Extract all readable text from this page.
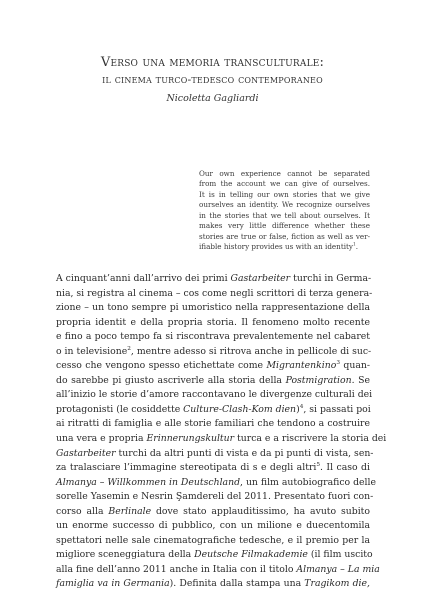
Verso una memoria transculturale:
il cinema turco-tedesco contemporaneo
Nicoletta Gagliardi
Our own experience cannot be separated
from the account we can give of ourselves.
It is in telling our own stories that we give
ourselves an identity. We recognize ourselves
in the stories that we tell about ourselves. It
makes very little difference whether these
stories are true or false, fiction as well as ver-
ifiable history provides us with an identity$^1$.
A cinquant’anni dall’arrivo dei primi Gastarbeiter turchi in Germa-
nia, si registra al cinema – cos come negli scrittori di terza genera-
zione – un tono sempre pi umoristico nella rappresentazione della
propria identit e della propria storia. Il fenomeno molto recente
e fino a poco tempo fa si riscontrava prevalentemente nel cabaret
o in televisione$^2$, mentre adesso si ritrova anche in pellicole di suc-
cesso che vengono spesso etichettate come Migrantenkino$^3$ quan-
do sarebbe pi giusto ascriverle alla storia della Postmigration. Se
all’inizio le storie d’amore raccontavano le divergenze culturali dei
protagonisti (le cosiddette Culture-Clash-Kom dien)$^4$, si passati poi
ai ritratti di famiglia e alle storie familiari che tendono a costruire
una vera e propria Erinnerungskultur turca e a riscrivere la storia dei
Gastarbeiter turchi da altri punti di vista e da pi punti di vista, sen-
za tralasciare l’immagine stereotipata di s e degli altri$^5$. Il caso di
Almanya – Willkommen in Deutschland, un film autobiografico delle
sorelle Yasemin e Nesrin Şamdereli del 2011. Presentato fuori con-
corso alla Berlinale dove stato applauditissimo, ha avuto subito
un enorme successo di pubblico, con un milione e duecentomila
spettatori nelle sale cinematografiche tedesche, e il premio per la
migliore sceneggiatura della Deutsche Filmakademie (il film uscito
alla fine dell’anno 2011 anche in Italia con il titolo Almanya – La mia
famiglia va in Germania). Definita dalla stampa una Tragikom die,
